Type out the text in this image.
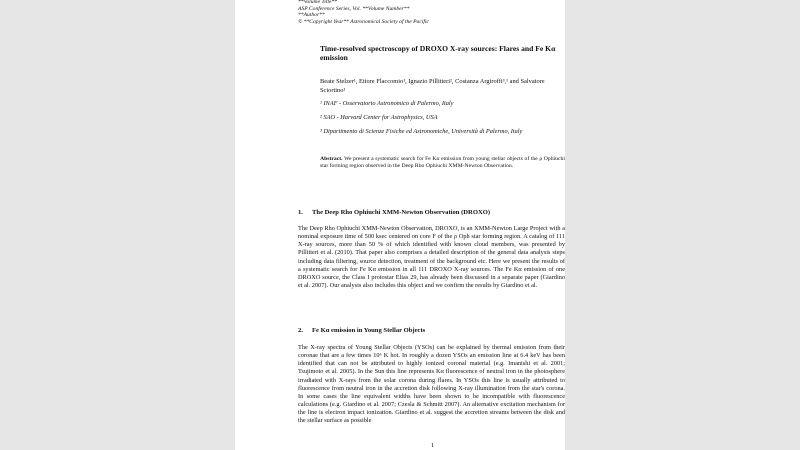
**Volume Title**
ASP Conference Series, Vol. **Volume Number**
**Author**
© **Copyright Year** Astronomical Society of the Pacific
Time-resolved spectroscopy of DROXO X-ray sources: Flares and Fe Kα emission
Beate Stelzer¹, Ettore Flaccomio¹, Ignazio Pillitteri², Costanza Argiroffi³,¹ and Salvatore Sciortino¹
¹ INAF - Osservatorio Astronomico di Palermo, Italy
² SAO - Harvard Center for Astrophysics, USA
³ Dipartimento di Scienze Fisiche ed Astronomiche, Università di Palermo, Italy
Abstract. We present a systematic search for Fe Kα emission from young stellar objects of the ρ Ophiuchi star forming region observed in the Deep Rho Ophiuchi XMM-Newton Observation.
1. The Deep Rho Ophiuchi XMM-Newton Observation (DROXO)
The Deep Rho Ophiuchi XMM-Newton Observation, DROXO, is an XMM-Newton Large Project with a nominal exposure time of 500 ksec centered on core F of the ρ Oph star forming region. A catalog of 111 X-ray sources, more than 50 % of which identified with known cloud members, was presented by Pillitteri et al. (2010). That paper also comprises a detailed description of the general data analysis steps including data filtering, source detection, treatment of the background etc. Here we present the results of a systematic search for Fe Kα emission in all 111 DROXO X-ray sources. The Fe Kα emission of one DROXO source, the Class I protostar Elias 29, has already been discussed in a separate paper (Giardino et al. 2007). Our analysis also includes this object and we confirm the results by Giardino et al.
2. Fe Kα emission in Young Stellar Objects
The X-ray spectra of Young Stellar Objects (YSOs) can be explained by thermal emission from their coronae that are a few times 10⁶ K hot. In roughly a dozen YSOs an emission line at 6.4 keV has been identified that can not be attributed to highly ionized coronal material (e.g. Imanishi et al. 2001; Tsujimoto et al. 2005). In the Sun this line represents Kα fluorescence of neutral iron in the photosphere irradiated with X-rays from the solar corona during flares. In YSOs this line is usually attributed to fluorescence from neutral iron in the accretion disk following X-ray illumination from the star's corona. In some cases the line equivalent widths have been shown to be incompatible with fluorescence calculations (e.g. Giardino et al. 2007; Czesla & Schmitt 2007). An alternative excitation mechanism for the line is electron impact ionization. Giardino et al. suggest the accretion streams between the disk and the stellar surface as possible
1
